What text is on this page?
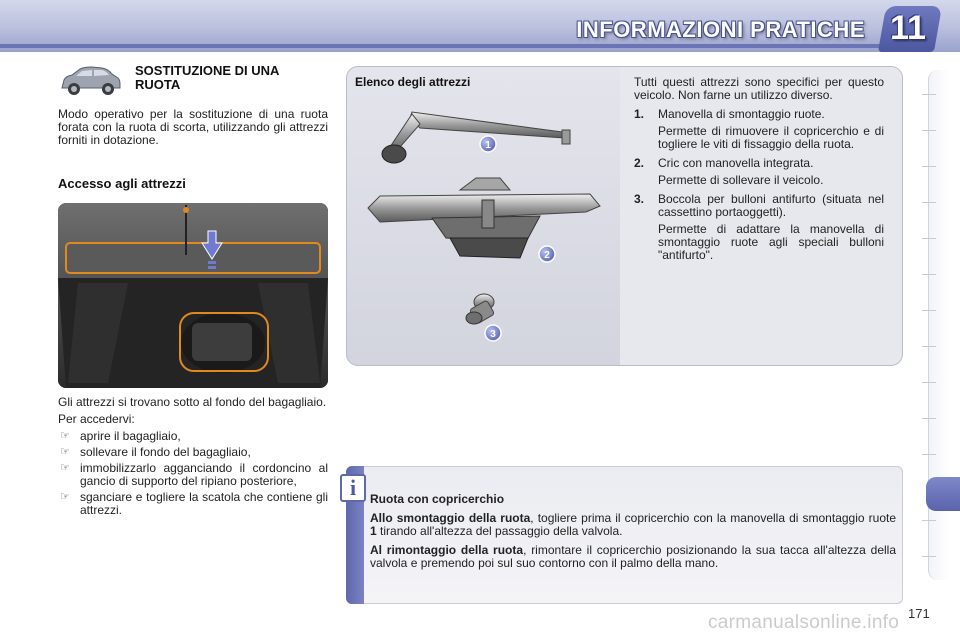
INFORMAZIONI PRATICHE 11
SOSTITUZIONE DI UNA RUOTA
Modo operativo per la sostituzione di una ruota forata con la ruota di scorta, utilizzando gli attrezzi forniti in dotazione.
Accesso agli attrezzi

Gli attrezzi si trovano sotto al fondo del bagagliaio.

Per accedervi:

☞ aprire il bagagliaio,
☞ sollevare il fondo del bagagliaio,
☞ immobilizzarlo agganciando il cordoncino al gancio di supporto del ripiano posteriore,
☞ sganciare e togliere la scatola che contiene gli attrezzi.
Elenco degli attrezzi
1
2
3

Tutti questi attrezzi sono specifici per questo veicolo. Non farne un utilizzo diverso.

1. Manovella di smontaggio ruote.

Permette di rimuovere il copricerchio e di togliere le viti di fissaggio della ruota.

2. Cric con manovella integrata.

Permette di sollevare il veicolo.

3. Boccola per bulloni antifurto (situata nel cassettino portaoggetti).

Permette di adattare la manovella di smontaggio ruote agli speciali bulloni "antifurto".

i	Ruota con copricerchio

Allo smontaggio della ruota, togliere prima il copricerchio con la manovella di smontaggio ruote 1 tirando all'altezza del passaggio della valvola.

Al rimontaggio della ruota, rimontare il copricerchio posizionando la sua tacca all'altezza della valvola e premendo poi sul suo contorno con il palmo della mano.

carmanualsonline.info 171
